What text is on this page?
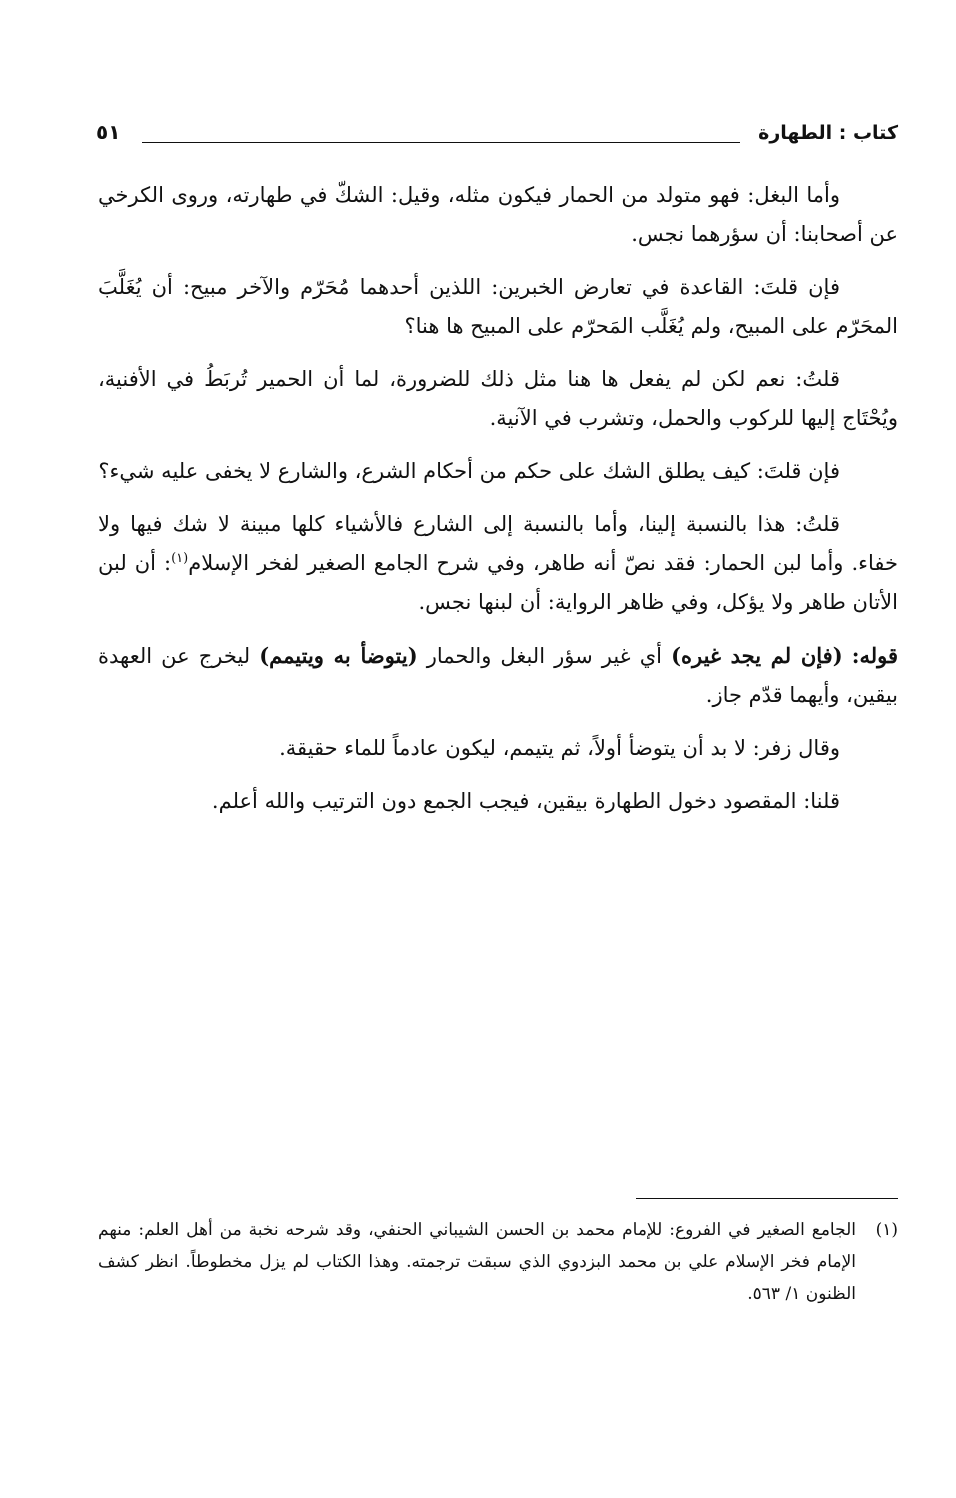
كتاب : الطهارة
٥١

وأما البغل: فهو متولد من الحمار فيكون مثله، وقيل: الشكّ في طهارته، وروى الكرخي عن أصحابنا: أن سؤرهما نجس.

فإن قلتَ: القاعدة في تعارض الخبرين: اللذين أحدهما مُحَرّم والآخر مبيح: أن يُغَلَّبَ المحَرّم على المبيح، ولم يُغَلَّب المَحرّم على المبيح ها هنا؟

قلتُ: نعم لكن لم يفعل ها هنا مثل ذلك للضرورة، لما أن الحمير تُربَطُ في الأفنية، ويُحْتَاج إليها للركوب والحمل، وتشرب في الآنية.

فإن قلتَ: كيف يطلق الشك على حكم من أحكام الشرع، والشارع لا يخفى عليه شيء؟

قلتُ: هذا بالنسبة إلينا، وأما بالنسبة إلى الشارع فالأشياء كلها مبينة لا شك فيها ولا خفاء. وأما لبن الحمار: فقد نصّ أنه طاهر، وفي شرح الجامع الصغير لفخر الإسلام$^{(١)}$: أن لبن الأتان طاهر ولا يؤكل، وفي ظاهر الرواية: أن لبنها نجس.

قوله: (فإن لم يجد غيره) أي غير سؤر البغل والحمار (يتوضأ به ويتيمم) ليخرج عن العهدة بيقين، وأيهما قدّم جاز.

وقال زفر: لا بد أن يتوضأ أولاً، ثم يتيمم، ليكون عادماً للماء حقيقة.

قلنا: المقصود دخول الطهارة بيقين، فيجب الجمع دون الترتيب والله أعلم.

(١)
الجامع الصغير في الفروع: للإمام محمد بن الحسن الشيباني الحنفي، وقد شرحه نخبة من أهل العلم: منهم الإمام فخر الإسلام علي بن محمد البزدوي الذي سبقت ترجمته. وهذا الكتاب لم يزل مخطوطاً. انظر كشف الظنون ١/ ٥٦٣.
